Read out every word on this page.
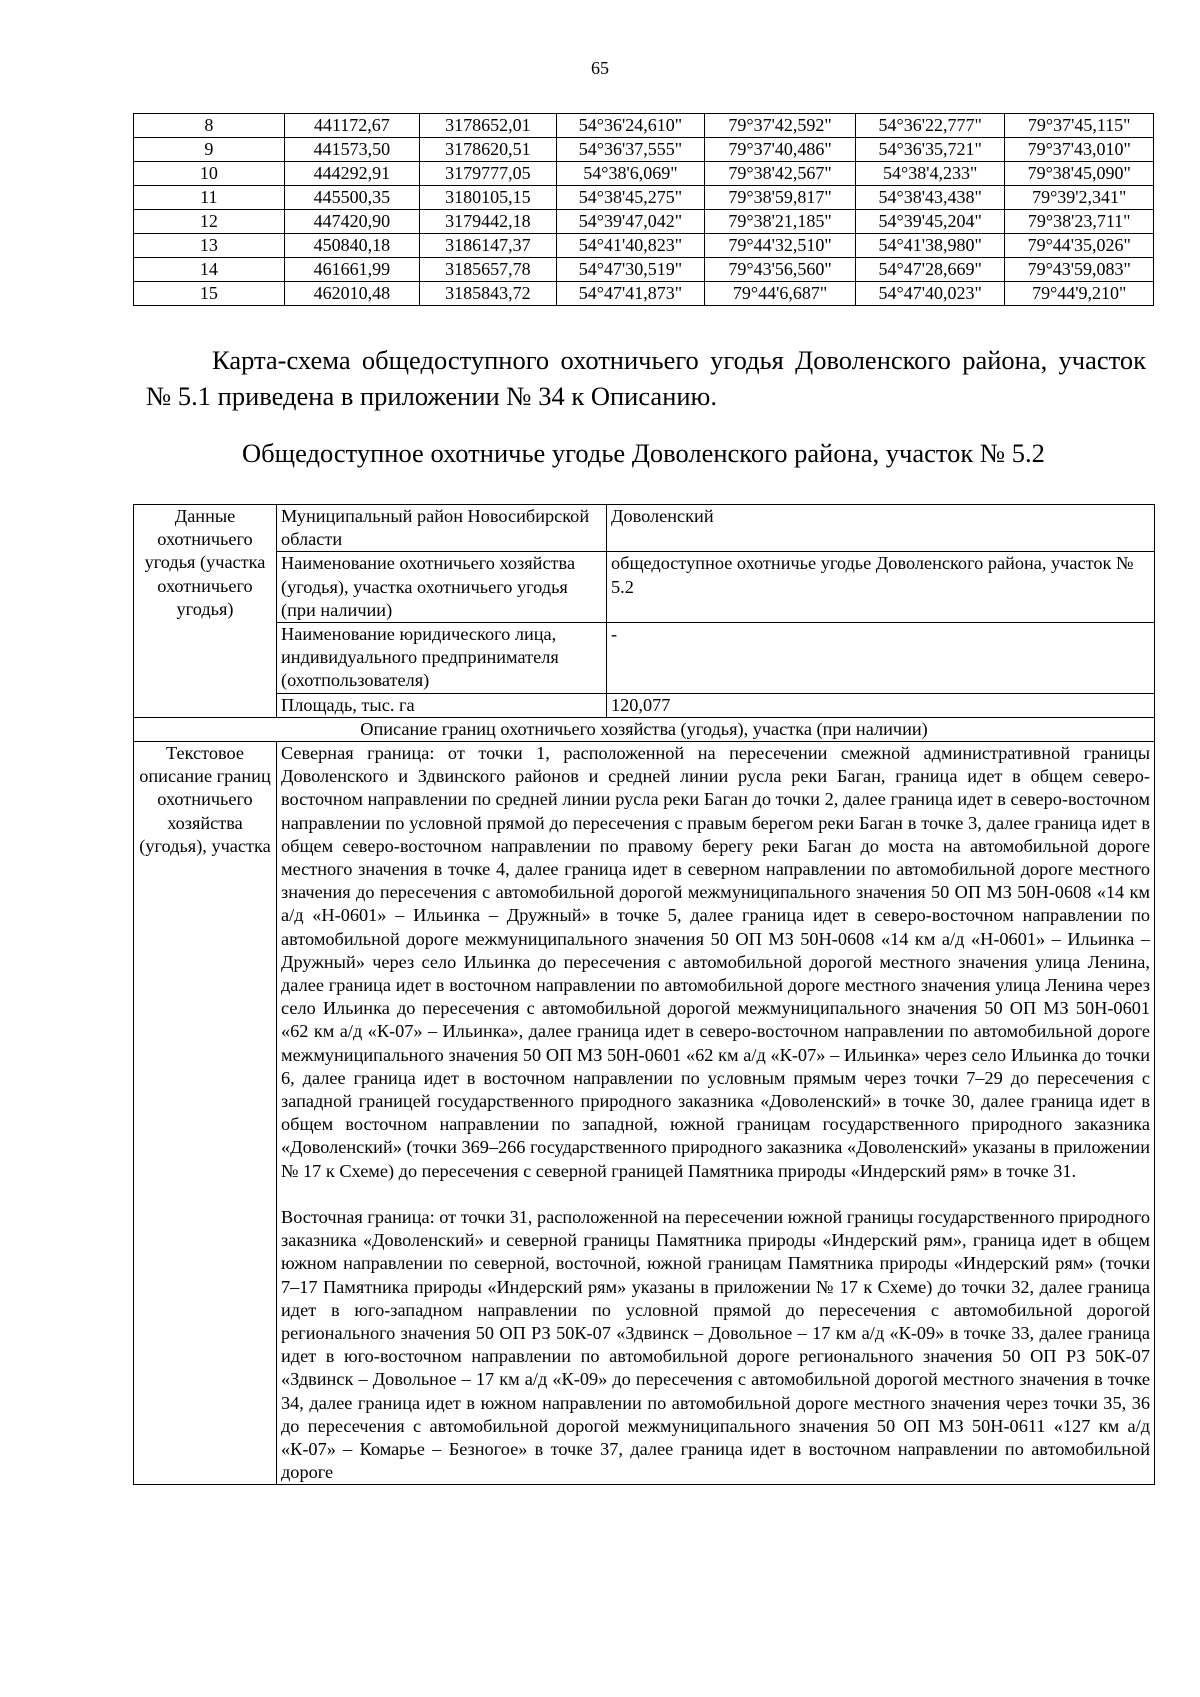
65
8	441172,67	3178652,01	54°36'24,610"	79°37'42,592"	54°36'22,777"	79°37'45,115"
9	441573,50	3178620,51	54°36'37,555"	79°37'40,486"	54°36'35,721"	79°37'43,010"
10	444292,91	3179777,05	54°38'6,069"	79°38'42,567"	54°38'4,233"	79°38'45,090"
11	445500,35	3180105,15	54°38'45,275"	79°38'59,817"	54°38'43,438"	79°39'2,341"
12	447420,90	3179442,18	54°39'47,042"	79°38'21,185"	54°39'45,204"	79°38'23,711"
13	450840,18	3186147,37	54°41'40,823"	79°44'32,510"	54°41'38,980"	79°44'35,026"
14	461661,99	3185657,78	54°47'30,519"	79°43'56,560"	54°47'28,669"	79°43'59,083"
15	462010,48	3185843,72	54°47'41,873"	79°44'6,687"	54°47'40,023"	79°44'9,210"
Карта-схема общедоступного охотничьего угодья Доволенского района, участок № 5.1 приведена в приложении № 34 к Описанию.
Общедоступное охотничье угодье Доволенского района, участок № 5.2
Данные охотничьего угодья (участка охотничьего угодья)	Муниципальный район Новосибирской области	Доволенский
	Наименование охотничьего хозяйства (угодья), участка охотничьего угодья (при наличии)	общедоступное охотничье угодье Доволенского района, участок № 5.2
	Наименование юридического лица, индивидуального предпринимателя (охотпользователя)	-
	Площадь, тыс. га	120,077
Описание границ охотничьего хозяйства (угодья), участка (при наличии)		
Текстовое описание границ охотничьего хозяйства (угодья), участка	Северная граница: от точки 1, расположенной на пересечении смежной административной границы Доволенского и Здвинского районов и средней линии русла реки Баган, граница идет в общем северо-восточном направлении по средней линии русла реки Баган до точки 2, далее граница идет в северо-восточном направлении по условной прямой до пересечения с правым берегом реки Баган в точке 3, далее граница идет в общем северо-восточном направлении по правому берегу реки Баган до моста на автомобильной дороге местного значения в точке 4, далее граница идет в северном направлении по автомобильной дороге местного значения до пересечения с автомобильной дорогой межмуниципального значения 50 ОП МЗ 50Н-0608 «14 км а/д «Н-0601» – Ильинка – Дружный» в точке 5, далее граница идет в северо-восточном направлении по автомобильной дороге межмуниципального значения 50 ОП МЗ 50Н-0608 «14 км а/д «Н-0601» – Ильинка – Дружный» через село Ильинка до пересечения с автомобильной дорогой местного значения улица Ленина, далее граница идет в восточном направлении по автомобильной дороге местного значения улица Ленина через село Ильинка до пересечения с автомобильной дорогой межмуниципального значения 50 ОП МЗ 50Н-0601 «62 км а/д «К-07» – Ильинка», далее граница идет в северо-восточном направлении по автомобильной дороге межмуниципального значения 50 ОП МЗ 50Н-0601 «62 км а/д «К-07» – Ильинка» через село Ильинка до точки 6, далее граница идет в восточном направлении по условным прямым через точки 7–29 до пересечения с западной границей государственного природного заказника «Доволенский» в точке 30, далее граница идет в общем восточном направлении по западной, южной границам государственного природного заказника «Доволенский» (точки 369–266 государственного природного заказника «Доволенский» указаны в приложении № 17 к Схеме) до пересечения с северной границей Памятника природы «Индерский рям» в точке 31.

Восточная граница: от точки 31, расположенной на пересечении южной границы государственного природного заказника «Доволенский» и северной границы Памятника природы «Индерский рям», граница идет в общем южном направлении по северной, восточной, южной границам Памятника природы «Индерский рям» (точки 7–17 Памятника природы «Индерский рям» указаны в приложении № 17 к Схеме) до точки 32, далее граница идет в юго-западном направлении по условной прямой до пересечения с автомобильной дорогой регионального значения 50 ОП РЗ 50К-07 «Здвинск – Довольное – 17 км а/д «К-09» в точке 33, далее граница идет в юго-восточном направлении по автомобильной дороге регионального значения 50 ОП РЗ 50К-07 «Здвинск – Довольное – 17 км а/д «К-09» до пересечения с автомобильной дорогой местного значения в точке 34, далее граница идет в южном направлении по автомобильной дороге местного значения через точки 35, 36 до пересечения с автомобильной дорогой межмуниципального значения 50 ОП МЗ 50Н-0611 «127 км а/д «К-07» – Комарье – Безногое» в точке 37, далее граница идет в восточном направлении по автомобильной дороге	
